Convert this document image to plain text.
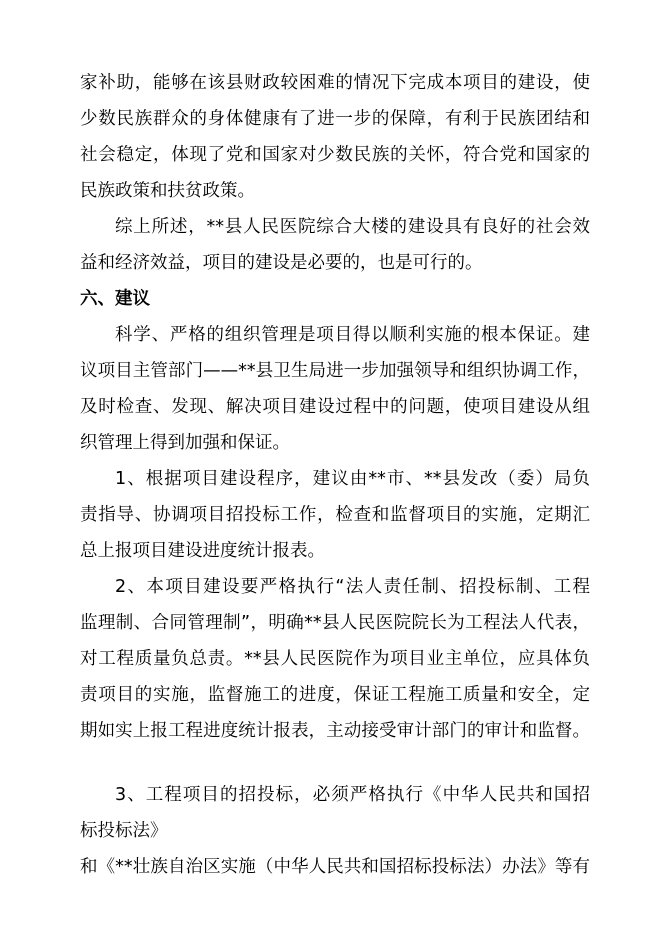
家补助，能够在该县财政较困难的情况下完成本项目的建设，使
少数民族群众的身体健康有了进一步的保障，有利于民族团结和
社会稳定，体现了党和国家对少数民族的关怀，符合党和国家的
民族政策和扶贫政策。
综上所述，**县人民医院综合大楼的建设具有良好的社会效
益和经济效益，项目的建设是必要的，也是可行的。
六、建议
科学、严格的组织管理是项目得以顺利实施的根本保证。建
议项目主管部门——**县卫生局进一步加强领导和组织协调工作，
及时检查、发现、解决项目建设过程中的问题，使项目建设从组
织管理上得到加强和保证。
1、根据项目建设程序，建议由**市、**县发改（委）局负
责指导、协调项目招投标工作，检查和监督项目的实施，定期汇
总上报项目建设进度统计报表。
2、本项目建设要严格执行“法人责任制、招投标制、工程
监理制、合同管理制”，明确**县人民医院院长为工程法人代表，
对工程质量负总责。**县人民医院作为项目业主单位，应具体负
责项目的实施，监督施工的进度，保证工程施工质量和安全，定
期如实上报工程进度统计报表，主动接受审计部门的审计和监督。
3、工程项目的招投标，必须严格执行《中华人民共和国招
标投标法》
和《**壮族自治区实施（中华人民共和国招标投标法）办法》等有
